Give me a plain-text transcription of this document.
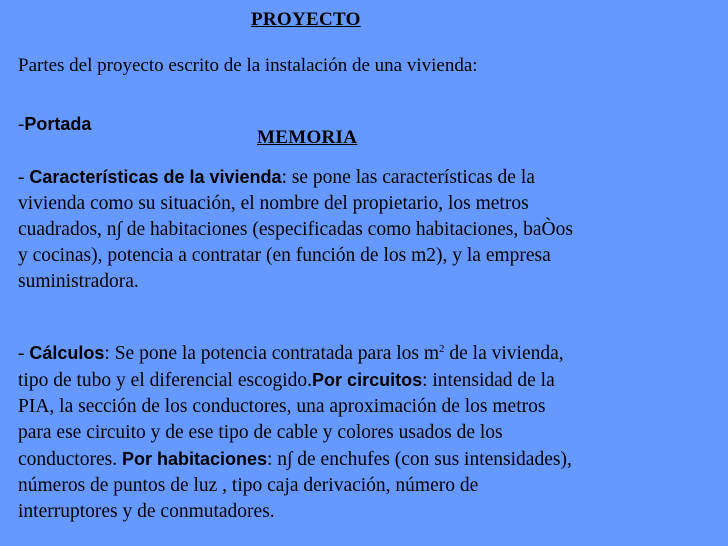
PROYECTO
Partes del proyecto escrito de la instalación de una vivienda:
-Portada
MEMORIA
- Características de la vivienda: se pone las características de la
vivienda como su situación, el nombre del propietario, los metros
cuadrados, n∫ de habitaciones (especificadas como habitaciones, baÒos
y cocinas), potencia a contratar (en función de los m2), y la empresa
suministradora.
- Cálculos: Se pone la potencia contratada para los $m^2$ de la vivienda,
tipo de tubo y el diferencial escogido.Por circuitos: intensidad de la
PIA, la sección de los conductores, una aproximación de los metros
para ese circuito y de ese tipo de cable y colores usados de los
conductores. Por habitaciones: n∫ de enchufes (con sus intensidades),
números de puntos de luz , tipo caja derivación, número de
interruptores y de conmutadores.
